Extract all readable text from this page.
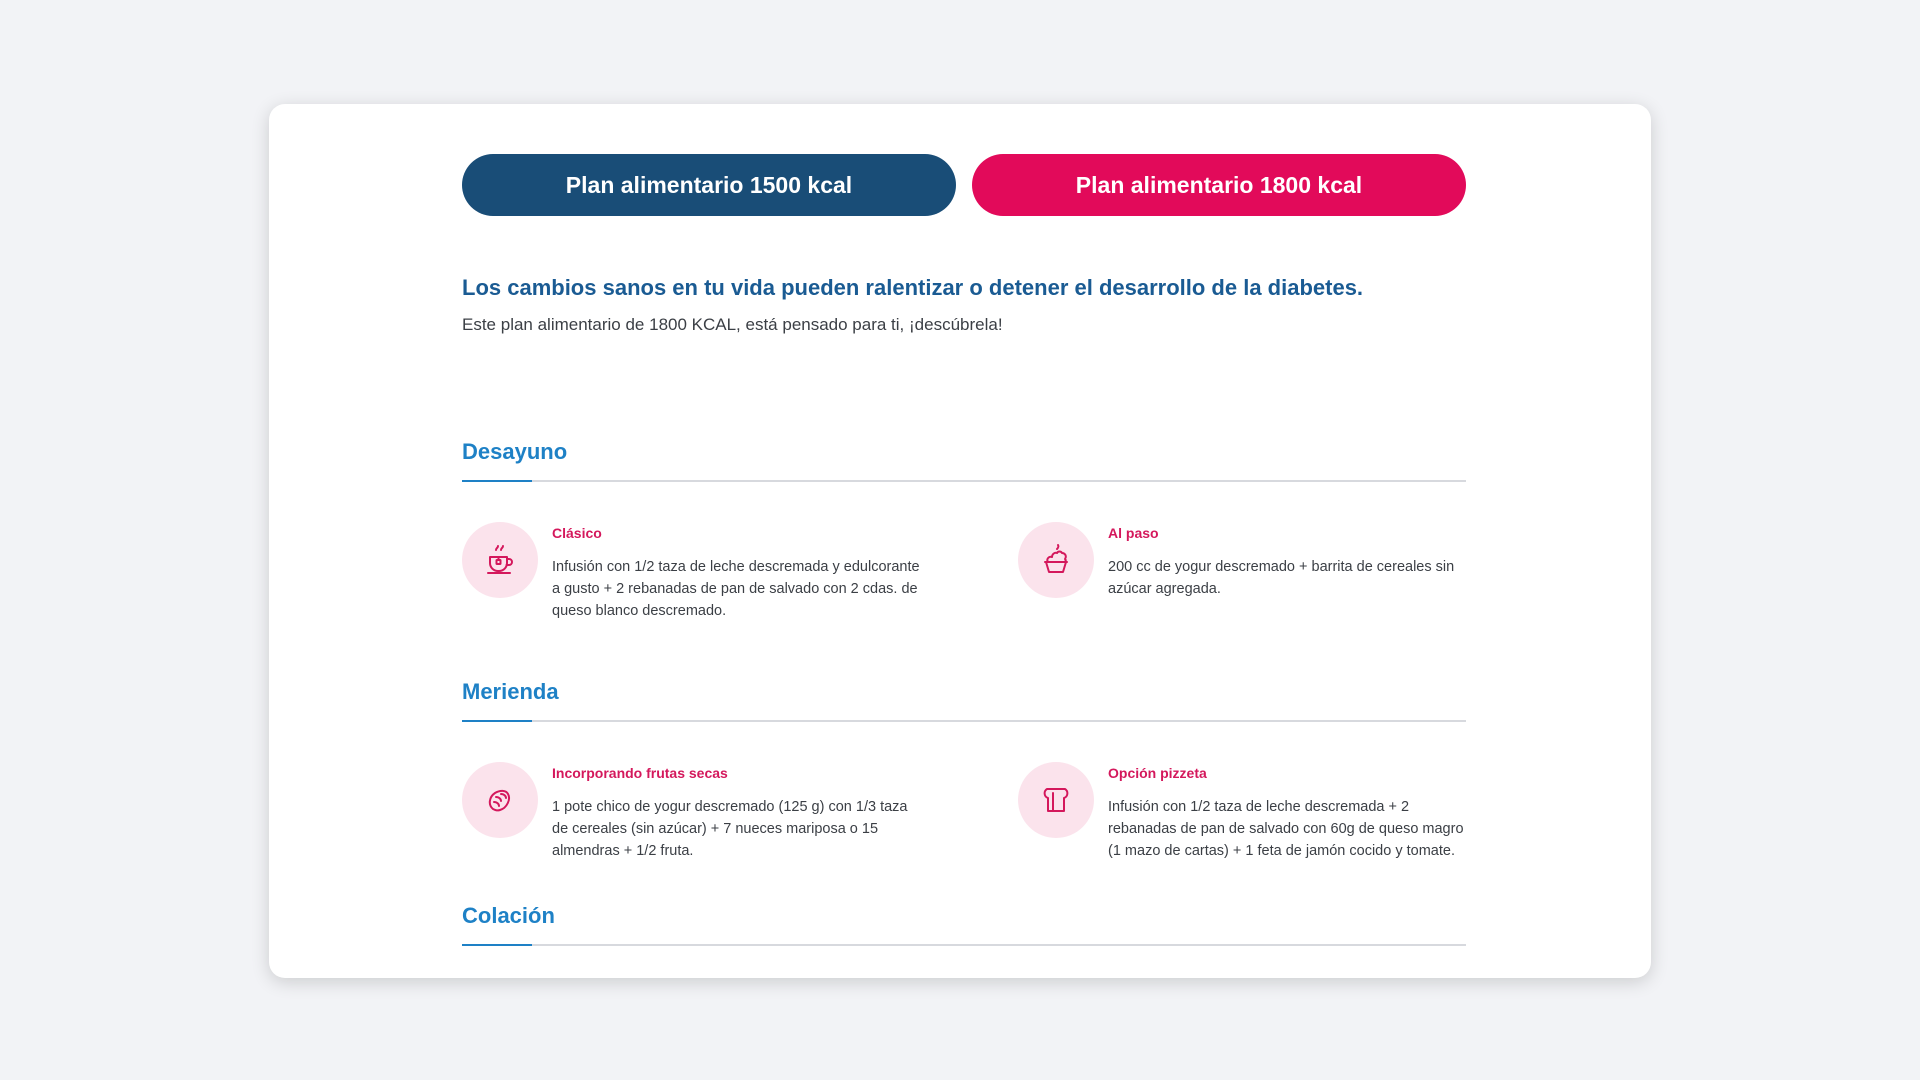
Plan alimentario 1500 kcal	Plan alimentario 1800 kcal
Los cambios sanos en tu vida pueden ralentizar o detener el desarrollo de la diabetes.

Este plan alimentario de 1800 KCAL, está pensado para ti, ¡descúbrela!

Desayuno

Clásico

Infusión con 1/2 taza de leche descremada y edulcorante a gusto + 2 rebanadas de pan de salvado con 2 cdas. de queso blanco descremado.

Al paso

200 cc de yogur descremado + barrita de cereales sin azúcar agregada.

Merienda

Incorporando frutas secas

1 pote chico de yogur descremado (125 g) con 1/3 taza de cereales (sin azúcar) + 7 nueces mariposa o 15 almendras + 1/2 fruta.

Opción pizzeta

Infusión con 1/2 taza de leche descremada + 2 rebanadas de pan de salvado con 60g de queso magro (1 mazo de cartas) + 1 feta de jamón cocido y tomate.

Colación
